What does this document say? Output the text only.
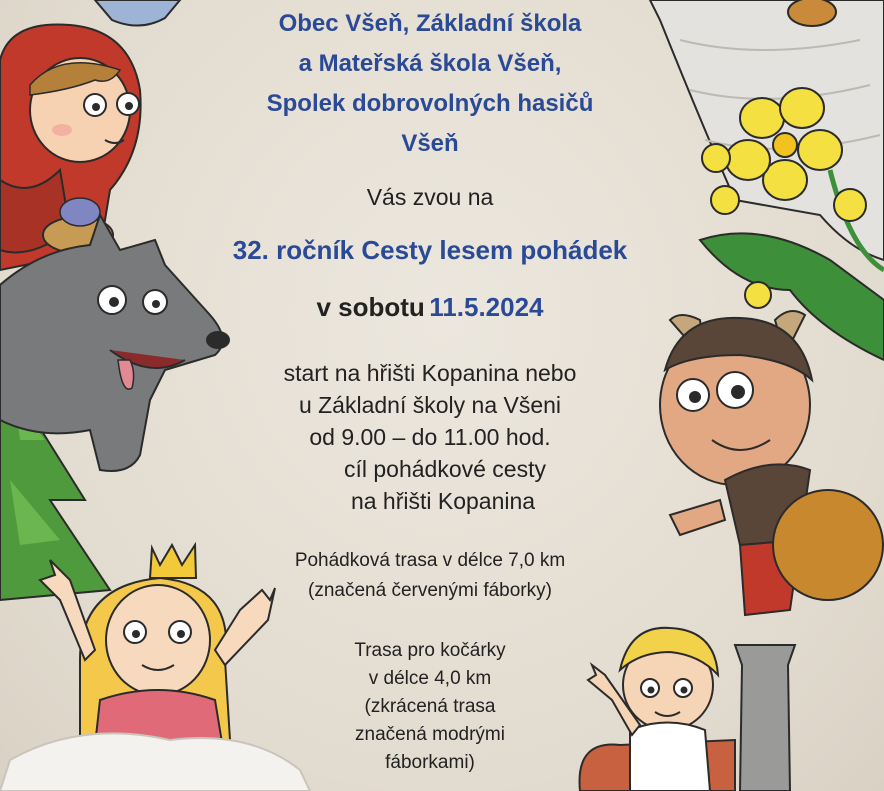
Obec Všeň, Základní škola
a Mateřská škola Všeň,
Spolek dobrovolných hasičů
Všeň
Vás zvou na
32. ročník Cesty lesem pohádek
v sobotu 11.5.2024
start na hřišti Kopanina nebo
u Základní školy na Všeni
od 9.00 – do 11.00 hod.
cíl pohádkové cesty
na hřišti Kopanina
Pohádková trasa v délce 7,0 km
(značená červenými fáborky)
Trasa pro kočárky
v délce 4,0 km
(zkrácená trasa
značená modrými
fáborkami)
